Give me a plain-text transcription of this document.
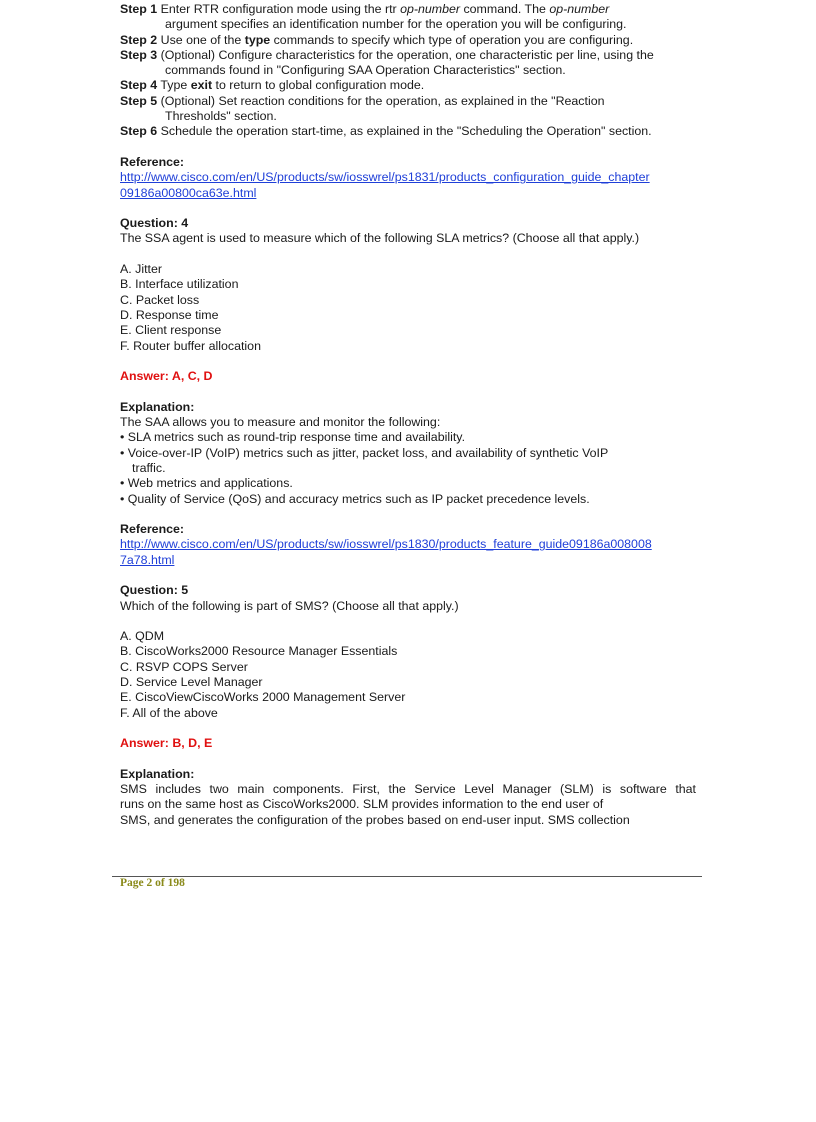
Step 1 Enter RTR configuration mode using the rtr op-number command. The op-number
argument specifies an identification number for the operation you will be configuring.
Step 2 Use one of the type commands to specify which type of operation you are configuring.
Step 3 (Optional) Configure characteristics for the operation, one characteristic per line, using the
commands found in "Configuring SAA Operation Characteristics" section.
Step 4 Type exit to return to global configuration mode.
Step 5 (Optional) Set reaction conditions for the operation, as explained in the "Reaction
Thresholds" section.
Step 6 Schedule the operation start-time, as explained in the "Scheduling the Operation" section.
Reference:
http://www.cisco.com/en/US/products/sw/iosswrel/ps1831/products_configuration_guide_chapter
09186a00800ca63e.html
Question: 4
The SSA agent is used to measure which of the following SLA metrics? (Choose all that apply.)
A. Jitter
B. Interface utilization
C. Packet loss
D. Response time
E. Client response
F. Router buffer allocation
Answer: A, C, D
Explanation:
The SAA allows you to measure and monitor the following:
• SLA metrics such as round-trip response time and availability.
• Voice-over-IP (VoIP) metrics such as jitter, packet loss, and availability of synthetic VoIP
traffic.
• Web metrics and applications.
• Quality of Service (QoS) and accuracy metrics such as IP packet precedence levels.
Reference:
http://www.cisco.com/en/US/products/sw/iosswrel/ps1830/products_feature_guide09186a008008
7a78.html
Question: 5
Which of the following is part of SMS? (Choose all that apply.)
A. QDM
B. CiscoWorks2000 Resource Manager Essentials
C. RSVP COPS Server
D. Service Level Manager
E. CiscoViewCiscoWorks 2000 Management Server
F. All of the above
Answer: B, D, E
Explanation:
SMS includes two main components. First, the Service Level Manager (SLM) is software that
runs on the same host as CiscoWorks2000. SLM provides information to the end user of
SMS, and generates the configuration of the probes based on end-user input. SMS collection
Page 2 of 198
